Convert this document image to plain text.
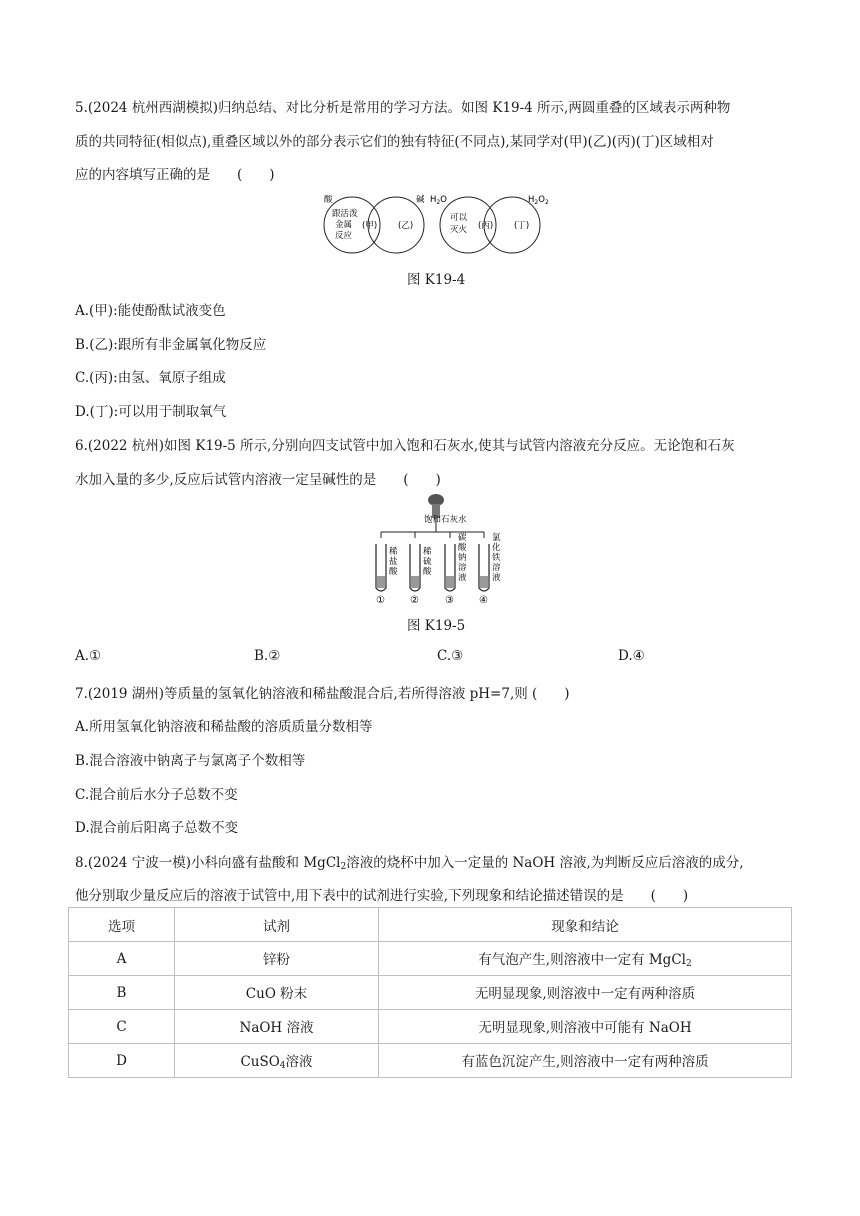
5.(2024 杭州西湖模拟)归纳总结、对比分析是常用的学习方法。如图 K19-4 所示,两圆重叠的区域表示两种物
质的共同特征(相似点),重叠区域以外的部分表示它们的独有特征(不同点),某同学对(甲)(乙)(丙)(丁)区域相对
应的内容填写正确的是　　(　　)
酸	碱
跟活泼
金属
反应
(甲) (乙)
$H_2O$	$H_2O_2$
可以
灭火 (丙) (丁)
图 K19-4
A.(甲):能使酚酞试液变色
B.(乙):跟所有非金属氧化物反应
C.(丙):由氢、氧原子组成
D.(丁):可以用于制取氧气
6.(2022 杭州)如图 K19-5 所示,分别向四支试管中加入饱和石灰水,使其与试管内溶液充分反应。无论饱和石灰
水加入量的多少,反应后试管内溶液一定呈碱性的是　　(　　)
饱和石灰水
稀
盐
酸
稀
硫
酸
碳
酸
钠
溶
液
氯
化
铁
溶
液
①	②	③	④
图 K19-5
A.①	B.②	C.③	D.④
7.(2019 湖州)等质量的氢氧化钠溶液和稀盐酸混合后,若所得溶液 pH=7,则 (　　)
A.所用氢氧化钠溶液和稀盐酸的溶质质量分数相等
B.混合溶液中钠离子与氯离子个数相等
C.混合前后水分子总数不变
D.混合前后阳离子总数不变
8.(2024 宁波一模)小科向盛有盐酸和 MgCl$_2$溶液的烧杯中加入一定量的 NaOH 溶液,为判断反应后溶液的成分,
他分别取少量反应后的溶液于试管中,用下表中的试剂进行实验,下列现象和结论描述错误的是　　(　　)
选项	试剂	现象和结论
A	锌粉	有气泡产生,则溶液中一定有 MgCl$_2$
B	CuO 粉末	无明显现象,则溶液中一定有两种溶质
C	NaOH 溶液	无明显现象,则溶液中可能有 NaOH
D	CuSO$_4$溶液	有蓝色沉淀产生,则溶液中一定有两种溶质
